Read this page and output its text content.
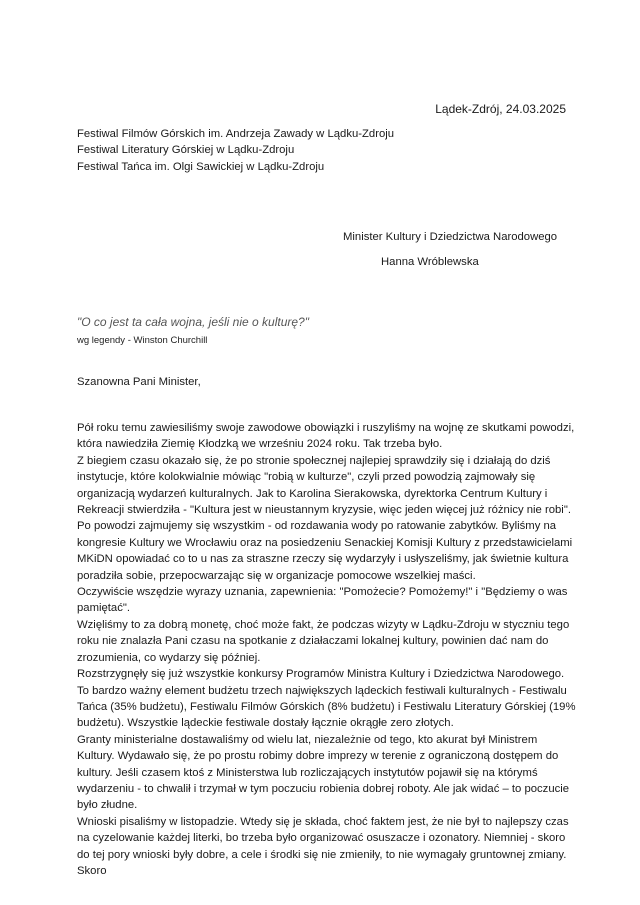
Lądek-Zdrój, 24.03.2025
Festiwal Filmów Górskich im. Andrzeja Zawady w Lądku-Zdroju
Festiwal Literatury Górskiej w Lądku-Zdroju
Festiwal Tańca im. Olgi Sawickiej w Lądku-Zdroju
Minister Kultury i Dziedzictwa Narodowego
Hanna Wróblewska
"O co jest ta cała wojna, jeśli nie o kulturę?"
wg legendy - Winston Churchill
Szanowna Pani Minister,

Pół roku temu zawiesiliśmy swoje zawodowe obowiązki i ruszyliśmy na wojnę ze skutkami powodzi, która nawiedziła Ziemię Kłodzką we wrześniu 2024 roku. Tak trzeba było.

Z biegiem czasu okazało się, że po stronie społecznej najlepiej sprawdziły się i działają do dziś instytucje, które kolokwialnie mówiąc "robią w kulturze", czyli przed powodzią zajmowały się organizacją wydarzeń kulturalnych. Jak to Karolina Sierakowska, dyrektorka Centrum Kultury i Rekreacji stwierdziła - "Kultura jest w nieustannym kryzysie, więc jeden więcej już różnicy nie robi". Po powodzi zajmujemy się wszystkim - od rozdawania wody po ratowanie zabytków. Byliśmy na kongresie Kultury we Wrocławiu oraz na posiedzeniu Senackiej Komisji Kultury z przedstawicielami MKiDN opowiadać co to u nas za straszne rzeczy się wydarzyły i usłyszeliśmy, jak świetnie kultura poradziła sobie, przepocwarzając się w organizacje pomocowe wszelkiej maści.

Oczywiście wszędzie wyrazy uznania, zapewnienia: "Pomożecie? Pomożemy!" i "Będziemy o was pamiętać".

Wzięliśmy to za dobrą monetę, choć może fakt, że podczas wizyty w Lądku-Zdroju w styczniu tego roku nie znalazła Pani czasu na spotkanie z działaczami lokalnej kultury, powinien dać nam do zrozumienia, co wydarzy się później.

Rozstrzygnęły się już wszystkie konkursy Programów Ministra Kultury i Dziedzictwa Narodowego. To bardzo ważny element budżetu trzech największych lądeckich festiwali kulturalnych - Festiwalu Tańca (35% budżetu), Festiwalu Filmów Górskich (8% budżetu) i Festiwalu Literatury Górskiej (19% budżetu). Wszystkie lądeckie festiwale dostały łącznie okrągłe zero złotych.

Granty ministerialne dostawaliśmy od wielu lat, niezależnie od tego, kto akurat był Ministrem Kultury. Wydawało się, że po prostu robimy dobre imprezy w terenie z ograniczoną dostępem do kultury. Jeśli czasem ktoś z Ministerstwa lub rozliczających instytutów pojawił się na którymś wydarzeniu - to chwalił i trzymał w tym poczuciu robienia dobrej roboty. Ale jak widać – to poczucie było złudne.

Wnioski pisaliśmy w listopadzie. Wtedy się je składa, choć faktem jest, że nie był to najlepszy czas na cyzelowanie każdej literki, bo trzeba było organizować osuszacze i ozonatory. Niemniej - skoro do tej pory wnioski były dobre, a cele i środki się nie zmieniły, to nie wymagały gruntownej zmiany. Skoro
